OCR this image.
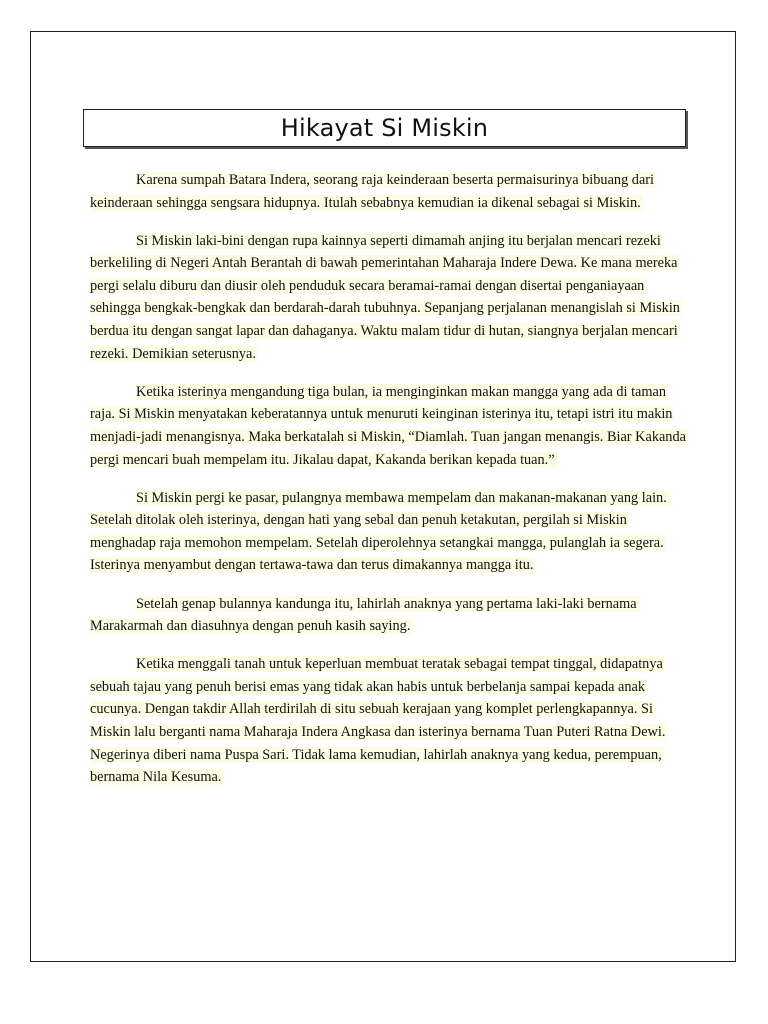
Hikayat Si Miskin

Karena sumpah Batara Indera, seorang raja keinderaan beserta permaisurinya bibuang dari keinderaan sehingga sengsara hidupnya. Itulah sebabnya kemudian ia dikenal sebagai si Miskin.

Si Miskin laki-bini dengan rupa kainnya seperti dimamah anjing itu berjalan mencari rezeki berkeliling di Negeri Antah Berantah di bawah pemerintahan Maharaja Indere Dewa. Ke mana mereka pergi selalu diburu dan diusir oleh penduduk secara beramai-ramai dengan disertai penganiayaan sehingga bengkak-bengkak dan berdarah-darah tubuhnya. Sepanjang perjalanan menangislah si Miskin berdua itu dengan sangat lapar dan dahaganya. Waktu malam tidur di hutan, siangnya berjalan mencari rezeki. Demikian seterusnya.

Ketika isterinya mengandung tiga bulan, ia menginginkan makan mangga yang ada di taman raja. Si Miskin menyatakan keberatannya untuk menuruti keinginan isterinya itu, tetapi istri itu makin menjadi-jadi menangisnya. Maka berkatalah si Miskin, “Diamlah. Tuan jangan menangis. Biar Kakanda pergi mencari buah mempelam itu. Jikalau dapat, Kakanda berikan kepada tuan.”

Si Miskin pergi ke pasar, pulangnya membawa mempelam dan makanan-makanan yang lain. Setelah ditolak oleh isterinya, dengan hati yang sebal dan penuh ketakutan, pergilah si Miskin menghadap raja memohon mempelam. Setelah diperolehnya setangkai mangga, pulanglah ia segera. Isterinya menyambut dengan tertawa-tawa dan terus dimakannya mangga itu.

Setelah genap bulannya kandunga itu, lahirlah anaknya yang pertama laki-laki bernama Marakarmah dan diasuhnya dengan penuh kasih saying.

Ketika menggali tanah untuk keperluan membuat teratak sebagai tempat tinggal, didapatnya sebuah tajau yang penuh berisi emas yang tidak akan habis untuk berbelanja sampai kepada anak cucunya. Dengan takdir Allah terdirilah di situ sebuah kerajaan yang komplet perlengkapannya. Si Miskin lalu berganti nama Maharaja Indera Angkasa dan isterinya bernama Tuan Puteri Ratna Dewi. Negerinya diberi nama Puspa Sari. Tidak lama kemudian, lahirlah anaknya yang kedua, perempuan, bernama Nila Kesuma.
